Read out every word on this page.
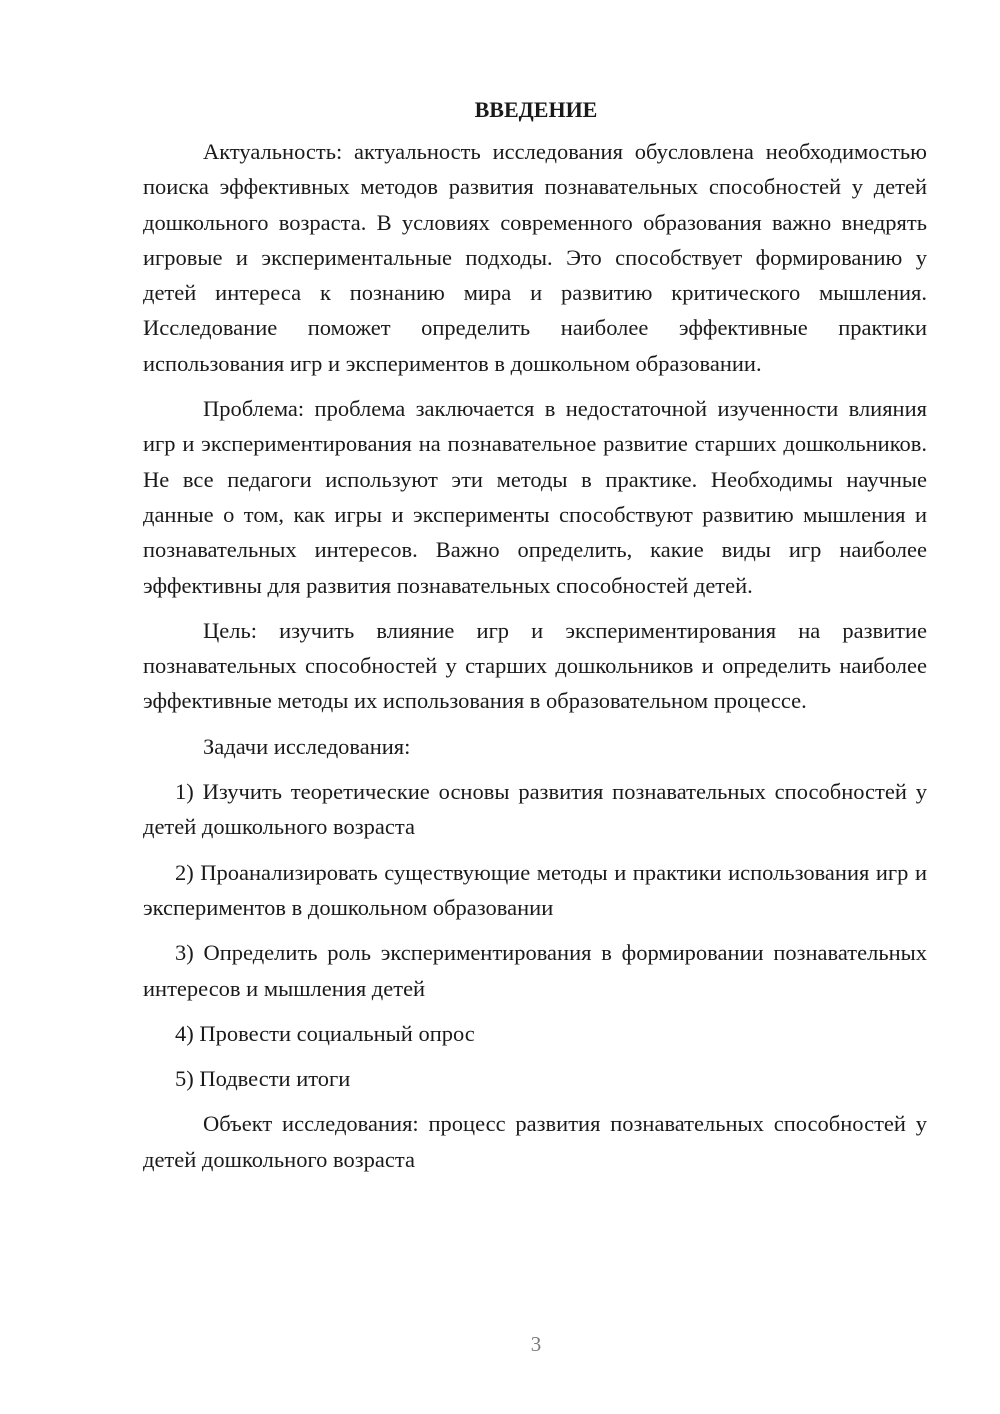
ВВЕДЕНИЕ

Актуальность: актуальность исследования обусловлена необходимостью поиска эффективных методов развития познавательных способностей у детей дошкольного возраста. В условиях современного образования важно внедрять игровые и экспериментальные подходы. Это способствует формированию у детей интереса к познанию мира и развитию критического мышления. Исследование поможет определить наиболее эффективные практики использования игр и экспериментов в дошкольном образовании.

Проблема: проблема заключается в недостаточной изученности влияния игр и экспериментирования на познавательное развитие старших дошкольников. Не все педагоги используют эти методы в практике. Необходимы научные данные о том, как игры и эксперименты способствуют развитию мышления и познавательных интересов. Важно определить, какие виды игр наиболее эффективны для развития познавательных способностей детей.

Цель: изучить влияние игр и экспериментирования на развитие познавательных способностей у старших дошкольников и определить наиболее эффективные методы их использования в образовательном процессе.

Задачи исследования:

1) Изучить теоретические основы развития познавательных способностей у детей дошкольного возраста

2) Проанализировать существующие методы и практики использования игр и экспериментов в дошкольном образовании

3) Определить роль экспериментирования в формировании познавательных интересов и мышления детей

4) Провести социальный опрос

5) Подвести итоги

Объект исследования: процесс развития познавательных способностей у детей дошкольного возраста

3
